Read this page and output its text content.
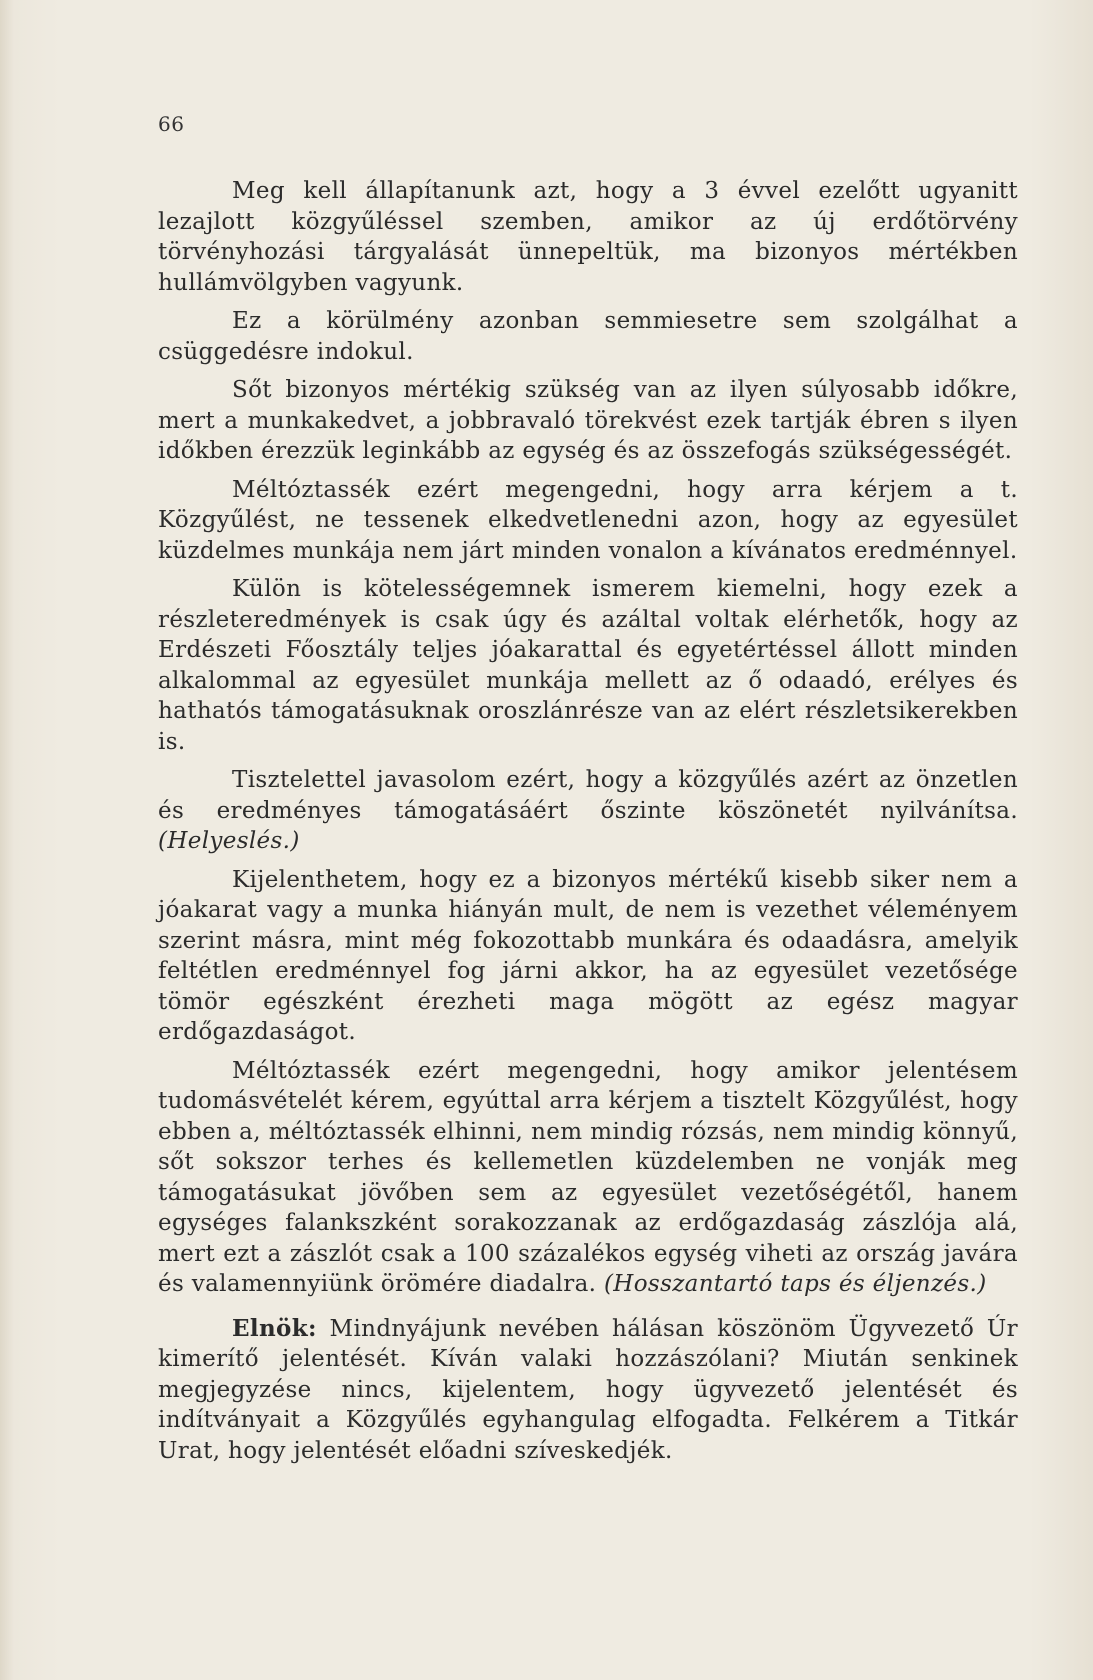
66

Meg kell állapítanunk azt, hogy a 3 évvel ezelőtt ugyanitt lezajlott közgyűléssel szemben, amikor az új erdőtörvény törvényhozási tárgyalását ünnepeltük, ma bizonyos mértékben hullámvölgyben vagyunk.

Ez a körülmény azonban semmiesetre sem szolgálhat a csüggedésre indokul.

Sőt bizonyos mértékig szükség van az ilyen súlyosabb időkre, mert a munkakedvet, a jobbravaló törekvést ezek tartják ébren s ilyen időkben érezzük leginkább az egység és az összefogás szükségességét.

Méltóztassék ezért megengedni, hogy arra kérjem a t. Közgyűlést, ne tessenek elkedvetlenedni azon, hogy az egyesület küzdelmes munkája nem járt minden vonalon a kívánatos eredménnyel.

Külön is kötelességemnek ismerem kiemelni, hogy ezek a részleteredmények is csak úgy és azáltal voltak elérhetők, hogy az Erdészeti Főosztály teljes jóakarattal és egyetértéssel állott minden alkalommal az egyesület munkája mellett az ő odaadó, erélyes és hathatós támogatásuknak oroszlánrésze van az elért részletsikerekben is.

Tisztelettel javasolom ezért, hogy a közgyűlés azért az önzetlen és eredményes támogatásáért őszinte köszönetét nyilvánítsa. (Helyeslés.)

Kijelenthetem, hogy ez a bizonyos mértékű kisebb siker nem a jóakarat vagy a munka hiányán mult, de nem is vezethet véleményem szerint másra, mint még fokozottabb munkára és odaadásra, amelyik feltétlen eredménnyel fog járni akkor, ha az egyesület vezetősége tömör egészként érezheti maga mögött az egész magyar erdőgazdaságot.

Méltóztassék ezért megengedni, hogy amikor jelentésem tudomásvételét kérem, egyúttal arra kérjem a tisztelt Közgyűlést, hogy ebben a, méltóztassék elhinni, nem mindig rózsás, nem mindig könnyű, sőt sokszor terhes és kellemetlen küzdelemben ne vonják meg támogatásukat jövőben sem az egyesület vezetőségétől, hanem egységes falankszként sorakozzanak az erdőgazdaság zászlója alá, mert ezt a zászlót csak a 100 százalékos egység viheti az ország javára és valamennyiünk örömére diadalra. (Hosszantartó taps és éljenzés.)

Elnök: Mindnyájunk nevében hálásan köszönöm Ügyvezető Úr kimerítő jelentését. Kíván valaki hozzászólani? Miután senkinek megjegyzése nincs, kijelentem, hogy ügyvezető jelentését és indítványait a Közgyűlés egyhangulag elfogadta. Felkérem a Titkár Urat, hogy jelentését előadni szíveskedjék.
